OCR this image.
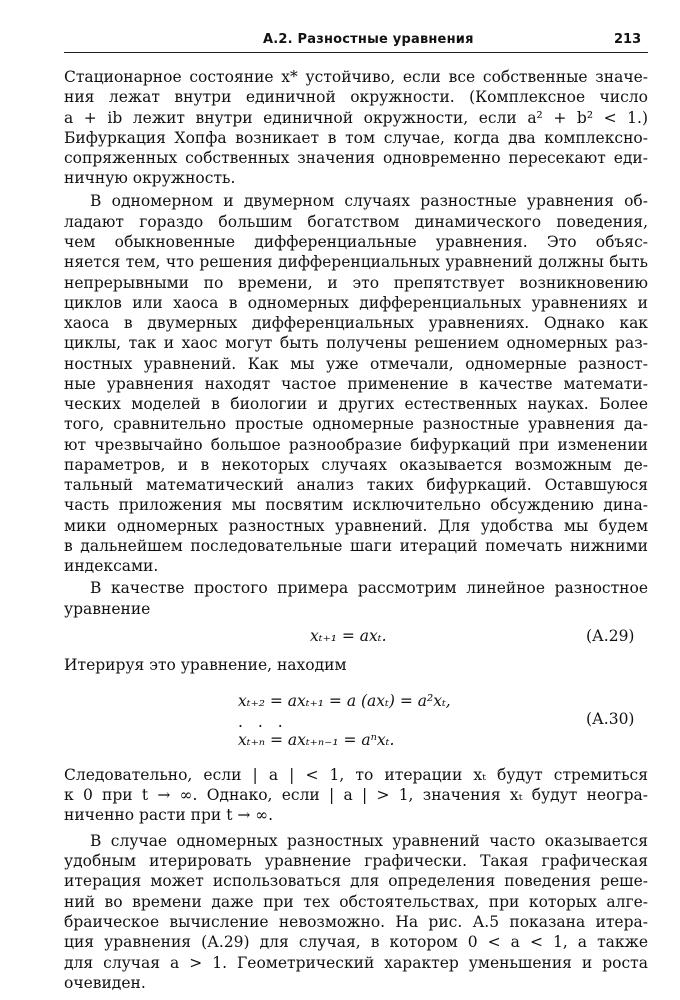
А.2. Разностные уравнения	213
Стационарное состояние x* устойчиво, если все собственные значе-
ния лежат внутри единичной окружности. (Комплексное число
a + ib лежит внутри единичной окружности, если a² + b² < 1.)
Бифуркация Хопфа возникает в том случае, когда два комплексно-
сопряженных собственных значения одновременно пересекают еди-
ничную окружность.
В одномерном и двумерном случаях разностные уравнения об-
ладают гораздо большим богатством динамического поведения,
чем обыкновенные дифференциальные уравнения. Это объяс-
няется тем, что решения дифференциальных уравнений должны быть
непрерывными по времени, и это препятствует возникновению
циклов или хаоса в одномерных дифференциальных уравнениях и
хаоса в двумерных дифференциальных уравнениях. Однако как
циклы, так и хаос могут быть получены решением одномерных раз-
ностных уравнений. Как мы уже отмечали, одномерные разност-
ные уравнения находят частое применение в качестве математи-
ческих моделей в биологии и других естественных науках. Более
того, сравнительно простые одномерные разностные уравнения да-
ют чрезвычайно большое разнообразие бифуркаций при изменении
параметров, и в некоторых случаях оказывается возможным де-
тальный математический анализ таких бифуркаций. Оставшуюся
часть приложения мы посвятим исключительно обсуждению дина-
мики одномерных разностных уравнений. Для удобства мы будем
в дальнейшем последовательные шаги итераций помечать нижними
индексами.
В качестве простого примера рассмотрим линейное разностное
уравнение
xₜ₊₁ = axₜ.	(А.29)
Итерируя это уравнение, находим
xₜ₊₂ = axₜ₊₁ = a (axₜ) = a²xₜ,
. . .
xₜ₊ₙ = axₜ₊ₙ₋₁ = aⁿxₜ.
(А.30)
Следовательно, если | a | < 1, то итерации xₜ будут стремиться
к 0 при t → ∞. Однако, если | a | > 1, значения xₜ будут неогра-
ниченно расти при t → ∞.
В случае одномерных разностных уравнений часто оказывается
удобным итерировать уравнение графически. Такая графическая
итерация может использоваться для определения поведения реше-
ний во времени даже при тех обстоятельствах, при которых алге-
браическое вычисление невозможно. На рис. А.5 показана итера-
ция уравнения (А.29) для случая, в котором 0 < a < 1, а также
для случая a > 1. Геометрический характер уменьшения и роста
очевиден.
